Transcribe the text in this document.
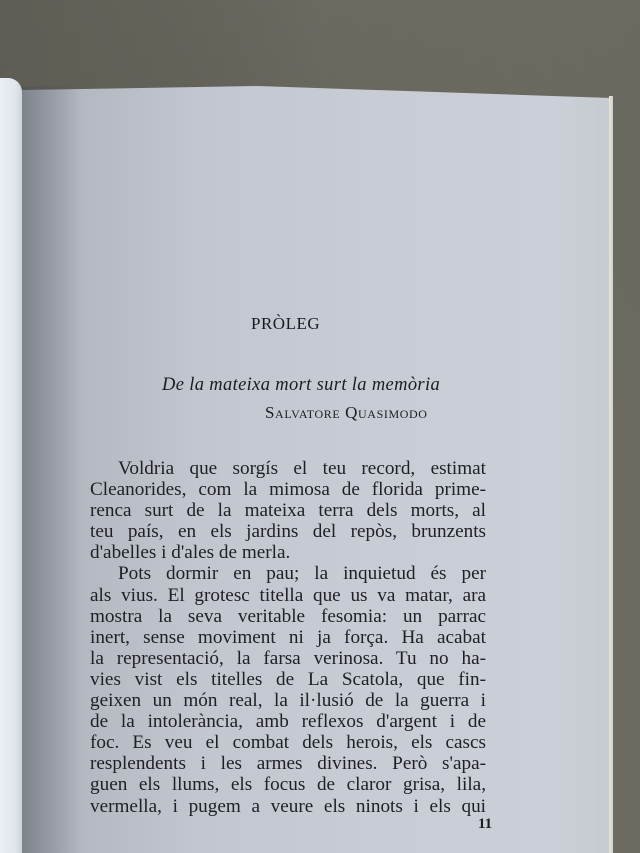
PRÒLEG
De la mateixa mort surt la memòria
Salvatore Quasimodo
Voldria que sorgís el teu record, estimat
Cleanorides, com la mimosa de florida prime-
renca surt de la mateixa terra dels morts, al
teu país, en els jardins del repòs, brunzents
d'abelles i d'ales de merla.
Pots dormir en pau; la inquietud és per
als vius. El grotesc titella que us va matar, ara
mostra la seva veritable fesomia: un parrac
inert, sense moviment ni ja força. Ha acabat
la representació, la farsa verinosa. Tu no ha-
vies vist els titelles de La Scatola, que fin-
geixen un món real, la il·lusió de la guerra i
de la intolerància, amb reflexos d'argent i de
foc. Es veu el combat dels herois, els cascs
resplendents i les armes divines. Però s'apa-
guen els llums, els focus de claror grisa, lila,
vermella, i pugem a veure els ninots i els qui
11
